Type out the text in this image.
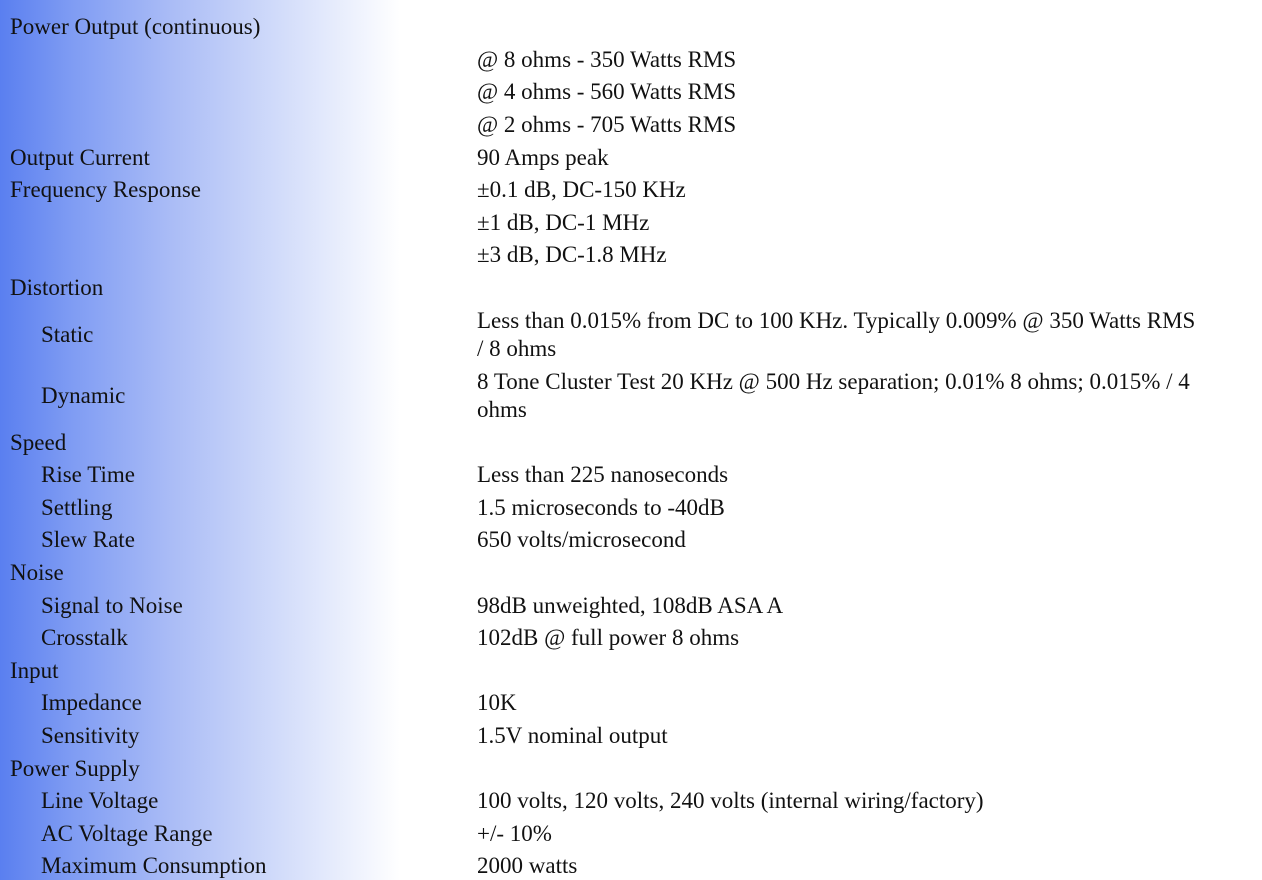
Power Output (continuous)	
	@ 8 ohms - 350 Watts RMS
	@ 4 ohms - 560 Watts RMS
	@ 2 ohms - 705 Watts RMS
Output Current	90 Amps peak
Frequency Response	±0.1 dB, DC-150 KHz
	±1 dB, DC-1 MHz
	±3 dB, DC-1.8 MHz
Distortion	
Static	Less than 0.015% from DC to 100 KHz. Typically 0.009% @ 350 Watts RMS / 8 ohms
Dynamic	8 Tone Cluster Test 20 KHz @ 500 Hz separation; 0.01% 8 ohms; 0.015% / 4 ohms
Speed	
Rise Time	Less than 225 nanoseconds
Settling	1.5 microseconds to -40dB
Slew Rate	650 volts/microsecond
Noise	
Signal to Noise	98dB unweighted, 108dB ASA A
Crosstalk	102dB @ full power 8 ohms
Input	
Impedance	10K
Sensitivity	1.5V nominal output
Power Supply	
Line Voltage	100 volts, 120 volts, 240 volts (internal wiring/factory)
AC Voltage Range	+/- 10%
Maximum Consumption	2000 watts
